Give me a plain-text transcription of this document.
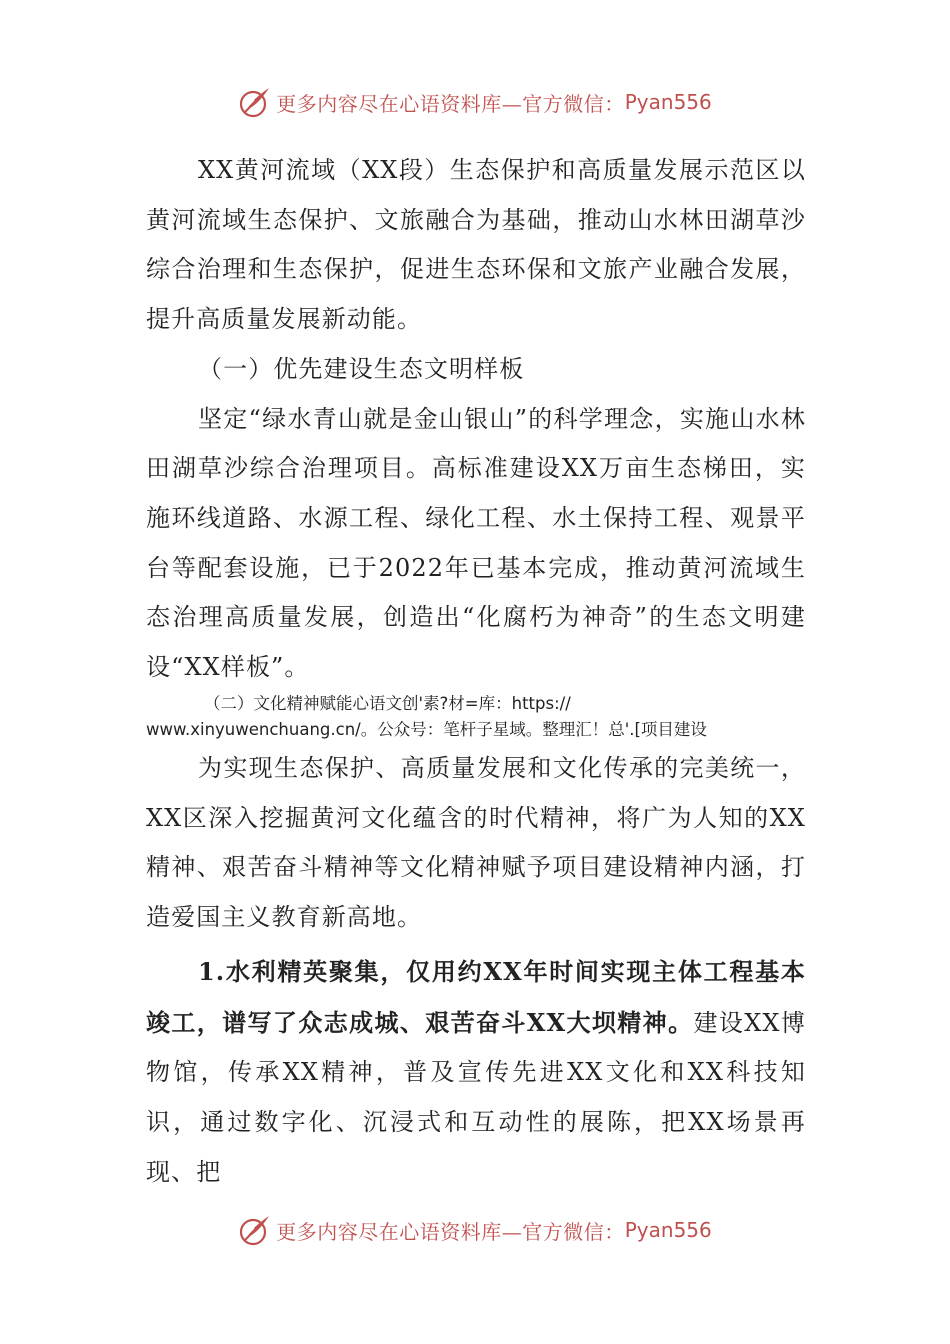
更多内容尽在心语资料库—官方微信： Pyan556

XX黄河流域（XX段）生态保护和高质量发展示范区以黄河流域生态保护、文旅融合为基础，推动山水林田湖草沙综合治理和生态保护，促进生态环保和文旅产业融合发展，提升高质量发展新动能。

（一）优先建设生态文明样板

坚定“绿水青山就是金山银山”的科学理念，实施山水林田湖草沙综合治理项目。高标准建设XX万亩生态梯田，实施环线道路、水源工程、绿化工程、水土保持工程、观景平台等配套设施，已于2022年已基本完成，推动黄河流域生态治理高质量发展，创造出“化腐朽为神奇”的生态文明建设“XX样板”。

（二）文化精神赋能心语文创'素?材=库：https://
www.xinyuwenchuang.cn/。公众号：笔杆子星域。整理汇！总'.[项目建设

为实现生态保护、高质量发展和文化传承的完美统一，XX区深入挖掘黄河文化蕴含的时代精神，将广为人知的XX精神、艰苦奋斗精神等文化精神赋予项目建设精神内涵，打造爱国主义教育新高地。

1.水利精英聚集，仅用约XX年时间实现主体工程基本竣工，谱写了众志成城、艰苦奋斗XX大坝精神。建设XX博物馆，传承XX精神，普及宣传先进XX文化和XX科技知识，通过数字化、沉浸式和互动性的展陈，把XX场景再现、把

更多内容尽在心语资料库—官方微信： Pyan556
